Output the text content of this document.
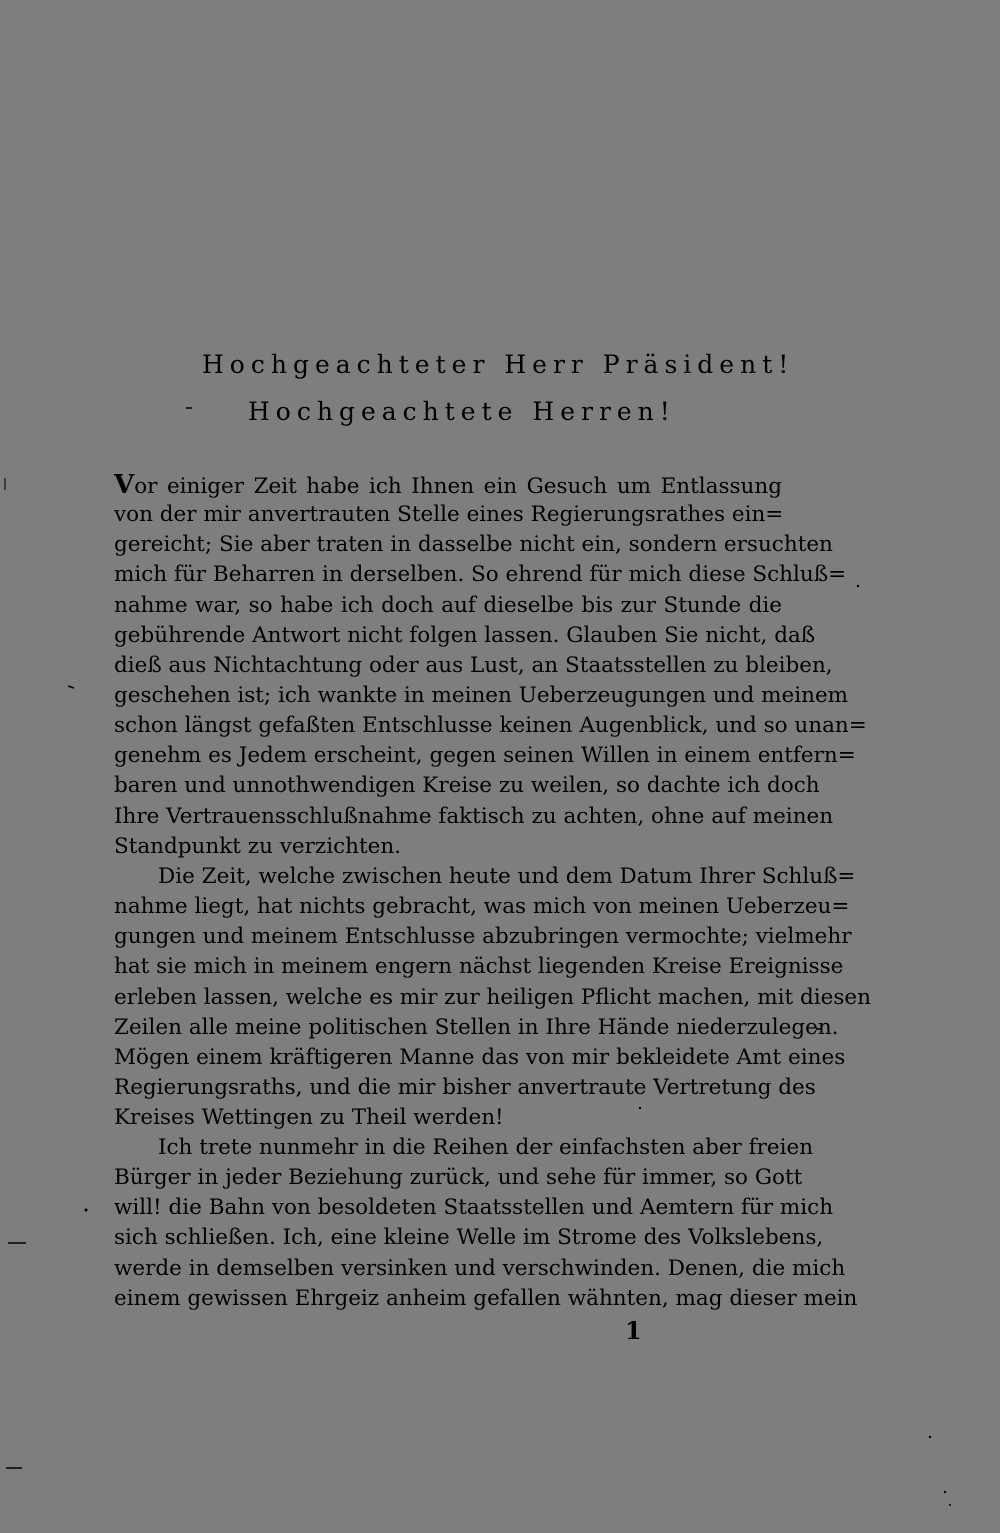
Hochgeachteter Herr Präsident!
Hochgeachtete Herren!
Vor einiger Zeit habe ich Ihnen ein Gesuch um Entlassung
von der mir anvertrauten Stelle eines Regierungsrathes ein=
gereicht; Sie aber traten in dasselbe nicht ein, sondern ersuchten
mich für Beharren in derselben. So ehrend für mich diese Schluß=
nahme war, so habe ich doch auf dieselbe bis zur Stunde die
gebührende Antwort nicht folgen lassen. Glauben Sie nicht, daß
dieß aus Nichtachtung oder aus Lust, an Staatsstellen zu bleiben,
geschehen ist; ich wankte in meinen Ueberzeugungen und meinem
schon längst gefaßten Entschlusse keinen Augenblick, und so unan=
genehm es Jedem erscheint, gegen seinen Willen in einem entfern=
baren und unnothwendigen Kreise zu weilen, so dachte ich doch
Ihre Vertrauensschlußnahme faktisch zu achten, ohne auf meinen
Standpunkt zu verzichten.
Die Zeit, welche zwischen heute und dem Datum Ihrer Schluß=
nahme liegt, hat nichts gebracht, was mich von meinen Ueberzeu=
gungen und meinem Entschlusse abzubringen vermochte; vielmehr
hat sie mich in meinem engern nächst liegenden Kreise Ereignisse
erleben lassen, welche es mir zur heiligen Pflicht machen, mit diesen
Zeilen alle meine politischen Stellen in Ihre Hände niederzulegen.
Mögen einem kräftigeren Manne das von mir bekleidete Amt eines
Regierungsraths, und die mir bisher anvertraute Vertretung des
Kreises Wettingen zu Theil werden!
Ich trete nunmehr in die Reihen der einfachsten aber freien
Bürger in jeder Beziehung zurück, und sehe für immer, so Gott
will! die Bahn von besoldeten Staatsstellen und Aemtern für mich
sich schließen. Ich, eine kleine Welle im Strome des Volkslebens,
werde in demselben versinken und verschwinden. Denen, die mich
einem gewissen Ehrgeiz anheim gefallen wähnten, mag dieser mein
1
